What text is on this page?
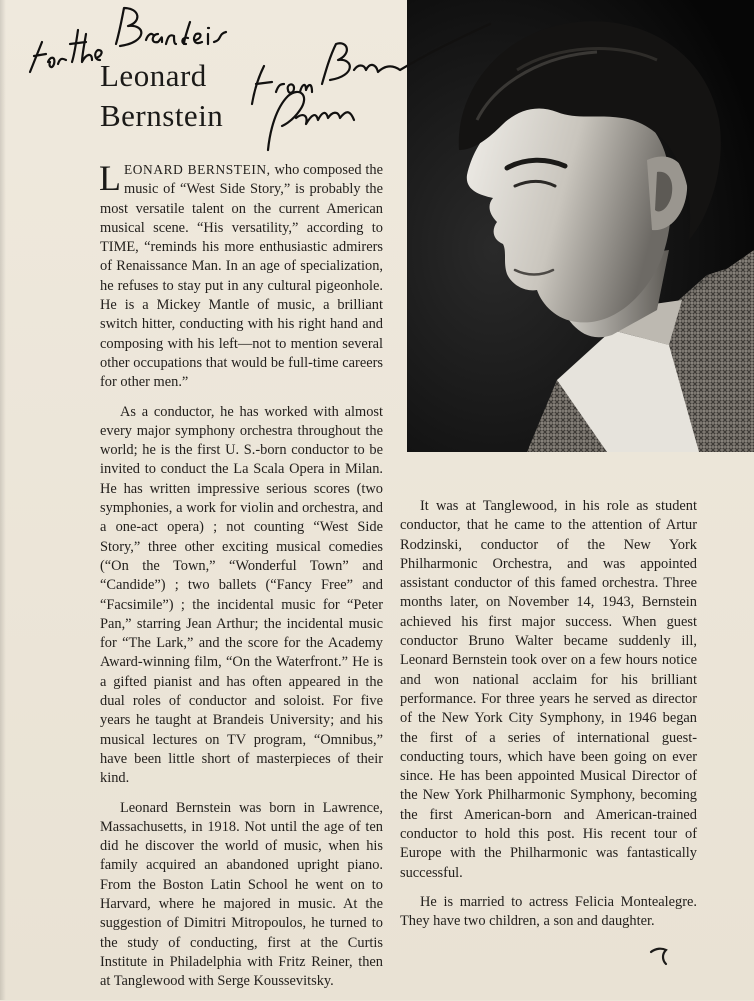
Leonard
Bernstein

LEONARD BERNSTEIN, who composed the music of “West Side Story,” is probably the most versatile talent on the current American musical scene. “His versatility,” according to TIME, “reminds his more enthusiastic admirers of Renaissance Man. In an age of specialization, he refuses to stay put in any cultural pigeonhole. He is a Mickey Mantle of music, a brilliant switch hitter, conducting with his right hand and composing with his left—not to mention several other occupations that would be full-time careers for other men.”

As a conductor, he has worked with almost every major symphony orchestra throughout the world; he is the first U. S.-born conductor to be invited to conduct the La Scala Opera in Milan. He has written impressive serious scores (two symphonies, a work for violin and orchestra, and a one-act opera) ; not counting “West Side Story,” three other exciting musical comedies (“On the Town,” “Wonderful Town” and “Candide”) ; two ballets (“Fancy Free” and “Facsimile”) ; the incidental music for “Peter Pan,” starring Jean Arthur; the incidental music for “The Lark,” and the score for the Academy Award-winning film, “On the Waterfront.” He is a gifted pianist and has often appeared in the dual roles of conductor and soloist. For five years he taught at Brandeis University; and his musical lectures on TV program, “Omnibus,” have been little short of masterpieces of their kind.

Leonard Bernstein was born in Lawrence, Massachusetts, in 1918. Not until the age of ten did he discover the world of music, when his family acquired an abandoned upright piano. From the Boston Latin School he went on to Harvard, where he majored in music. At the suggestion of Dimitri Mitropoulos, he turned to the study of conducting, first at the Curtis Institute in Philadelphia with Fritz Reiner, then at Tanglewood with Serge Koussevitsky.

It was at Tanglewood, in his role as student conductor, that he came to the attention of Artur Rodzinski, conductor of the New York Philharmonic Orchestra, and was appointed assistant conductor of this famed orchestra. Three months later, on November 14, 1943, Bernstein achieved his first major success. When guest conductor Bruno Walter became suddenly ill, Leonard Bernstein took over on a few hours notice and won national acclaim for his brilliant performance. For three years he served as director of the New York City Symphony, in 1946 began the first of a series of international guest-conducting tours, which have been going on ever since. He has been appointed Musical Director of the New York Philharmonic Symphony, becoming the first American-born and American-trained conductor to hold this post. His recent tour of Europe with the Philharmonic was fantastically successful.

He is married to actress Felicia Montealegre. They have two children, a son and daughter.
